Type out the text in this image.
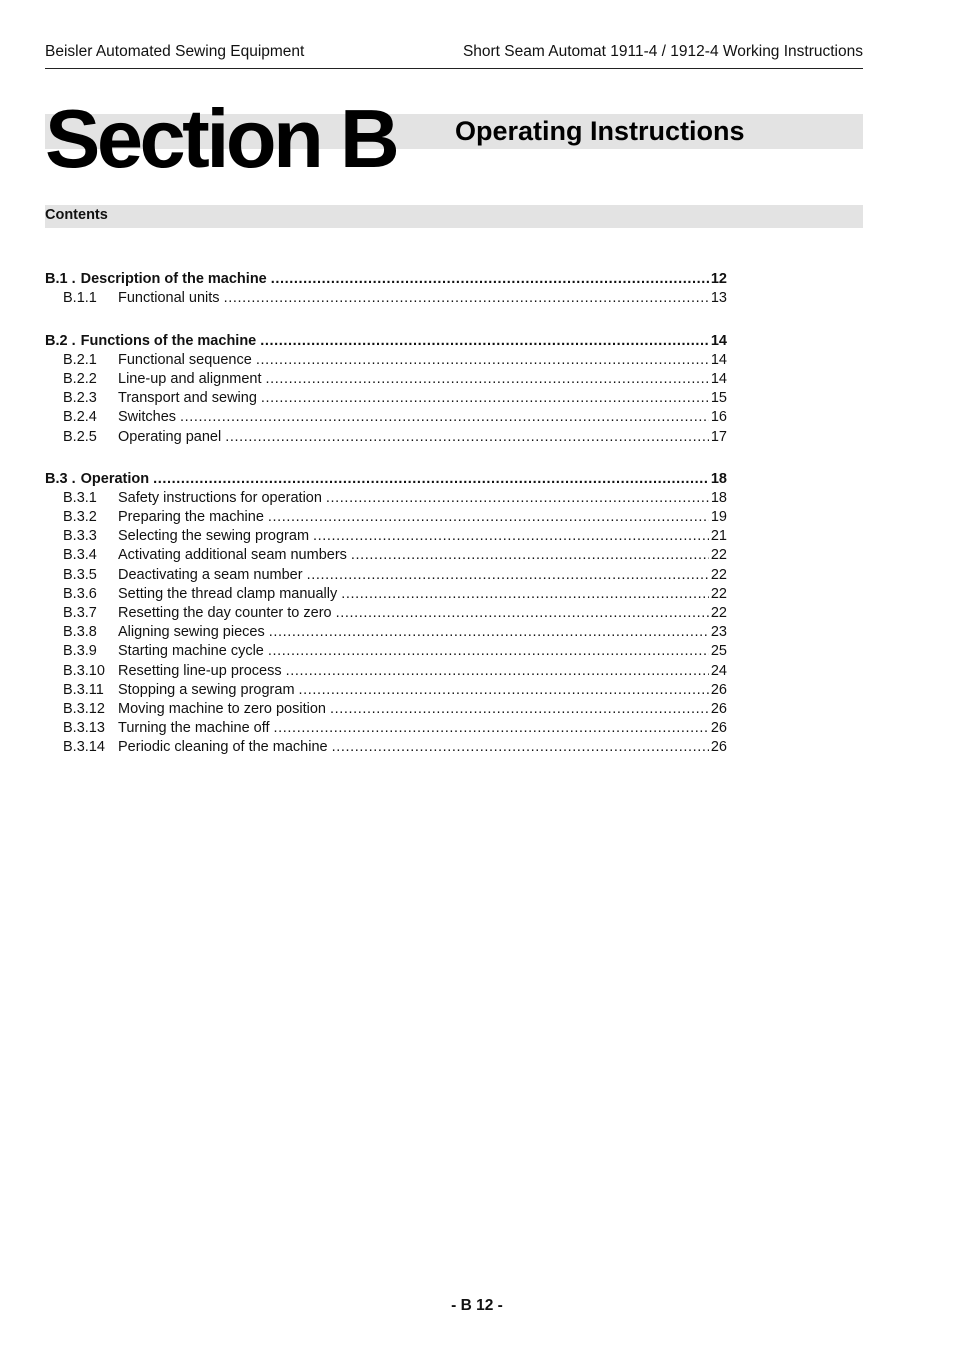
Beisler Automated Sewing Equipment	Short Seam Automat 1911-4 / 1912-4 Working Instructions
Section B Operating Instructions
Contents
B.1 . Description of the machine .....	12
B.1.1	Functional units .....	13
B.2 . Functions of the machine .....	14
B.2.1	Functional sequence .....	14
B.2.2	Line-up and alignment .....	14
B.2.3	Transport and sewing .....	15
B.2.4	Switches .....	16
B.2.5	Operating panel .....	17
B.3 . Operation .....	18
B.3.1	Safety instructions for operation .....	18
B.3.2	Preparing the machine .....	19
B.3.3	Selecting the sewing program .....	21
B.3.4	Activating additional seam numbers .....	22
B.3.5	Deactivating a seam number .....	22
B.3.6	Setting the thread clamp manually .....	22
B.3.7	Resetting the day counter to zero .....	22
B.3.8	Aligning sewing pieces .....	23
B.3.9	Starting machine cycle .....	25
B.3.10 Resetting line-up process .....	24
B.3.11 Stopping a sewing program .....	26
B.3.12 Moving machine to zero position .....	26
B.3.13 Turning the machine off .....	26
B.3.14 Periodic cleaning of the machine .....	26
- B 12 -
